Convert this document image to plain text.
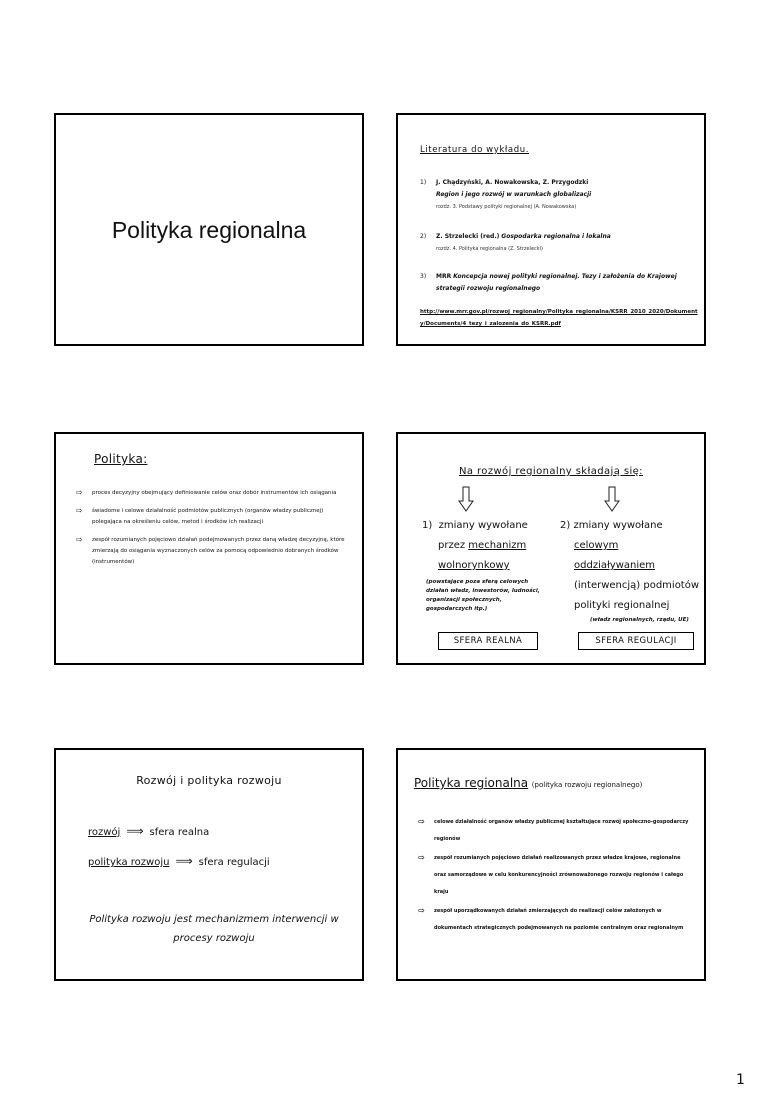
Polityka regionalna
Literatura do wykładu.
1) J. Chądzyński, A. Nowakowska, Z. Przygodzki
Region i jego rozwój w warunkach globalizacji
rozdz. 3. Podstawy polityki regionalnej (A. Nowakowska)
2) Z. Strzelecki (red.) Gospodarka regionalna i lokalna
rozdz. 4. Polityka regionalna (Z. Strzelecki)
3) MRR Koncepcja nowej polityki regionalnej. Tezy i założenia do Krajowej strategii rozwoju regionalnego
http://www.mrr.gov.pl/rozwoj_regionalny/Polityka_regionalna/KSRR_2010_2020/Dokumenty/Documents/4_tezy_i_zalozenia_do_KSRR.pdf
Polityka:
⇨ proces decyzyjny obejmujący definiowanie celów oraz dobór instrumentów ich osiągania
⇨ świadome i celowe działalność podmiotów publicznych (organów władzy publicznej) polegająca na określeniu celów, metod i środków ich realizacji
⇨ zespół rozumianych pojęciowo działań podejmowanych przez daną władzę decyzyjną, które zmierzają do osiągania wyznaczonych celów za pomocą odpowiednio dobranych środków (instrumentów)
Na rozwój regionalny składają się:
1) zmiany wywołane
przez mechanizm
wolnorynkowy
(powstające poza sferą celowych działań władz, inwestorów, ludności, organizacji społecznych, gospodarczych itp.)
2) zmiany wywołane
celowym oddziaływaniem
(interwencją) podmiotów
polityki regionalnej
(władz regionalnych, rządu, UE)
SFERA REALNA	SFERA REGULACJI
Rozwój i polityka rozwoju
rozwój ⟹ sfera realna
polityka rozwoju ⟹ sfera regulacji
Polityka rozwoju jest mechanizmem interwencji w procesy rozwoju
Polityka regionalna (polityka rozwoju regionalnego)
⇨ celowe działalność organów władzy publicznej kształtujące rozwój społeczno-gospodarczy regionów
⇨ zespół rozumianych pojęciowo działań realizowanych przez władze krajowe, regionalne oraz samorządowe w celu konkurencyjności zrównoważonego rozwoju regionów i całego kraju
⇨ zespół uporządkowanych działań zmierzających do realizacji celów założonych w dokumentach strategicznych podejmowanych na poziomie centralnym oraz regionalnym
1
